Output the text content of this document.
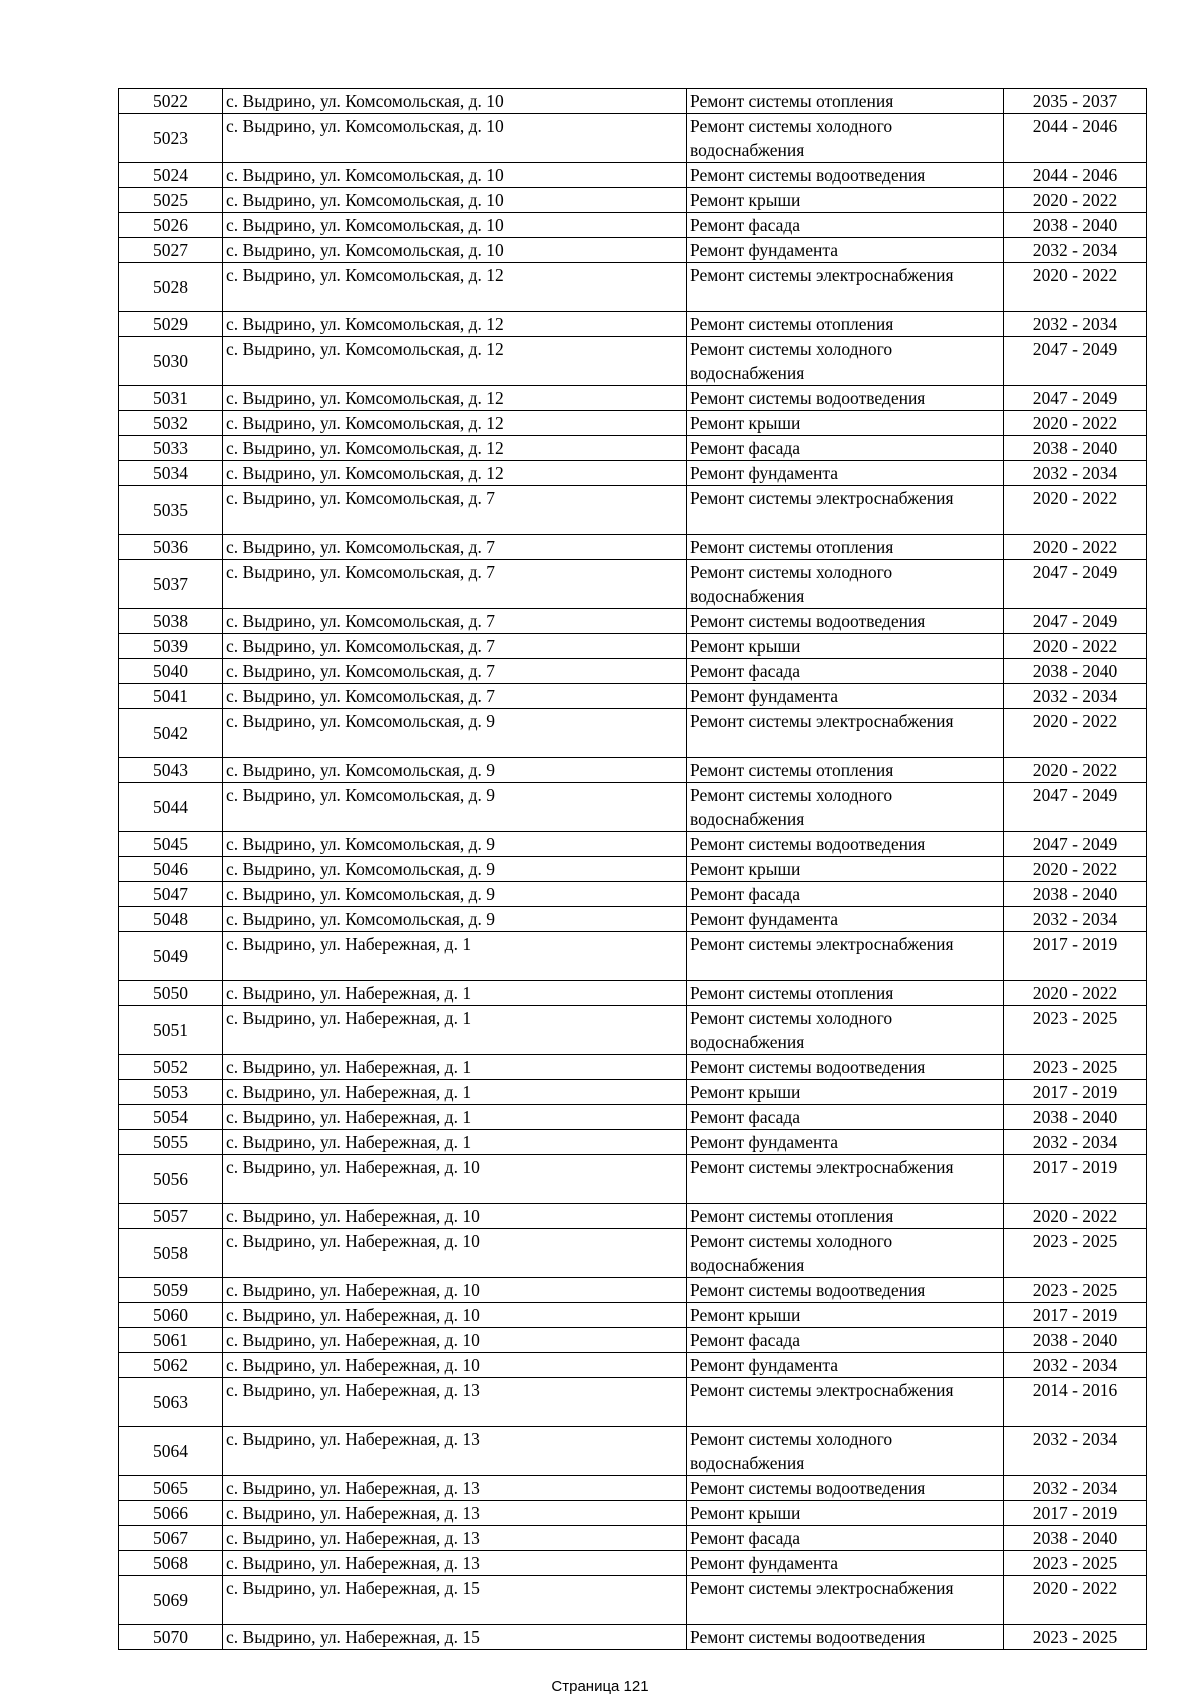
5022	с. Выдрино, ул. Комсомольская, д. 10	Ремонт системы отопления	2035 - 2037
5023	с. Выдрино, ул. Комсомольская, д. 10	Ремонт системы холодного водоснабжения	2044 - 2046
5024	с. Выдрино, ул. Комсомольская, д. 10	Ремонт системы водоотведения	2044 - 2046
5025	с. Выдрино, ул. Комсомольская, д. 10	Ремонт крыши	2020 - 2022
5026	с. Выдрино, ул. Комсомольская, д. 10	Ремонт фасада	2038 - 2040
5027	с. Выдрино, ул. Комсомольская, д. 10	Ремонт фундамента	2032 - 2034
5028	с. Выдрино, ул. Комсомольская, д. 12	Ремонт системы электроснабжения	2020 - 2022
5029	с. Выдрино, ул. Комсомольская, д. 12	Ремонт системы отопления	2032 - 2034
5030	с. Выдрино, ул. Комсомольская, д. 12	Ремонт системы холодного водоснабжения	2047 - 2049
5031	с. Выдрино, ул. Комсомольская, д. 12	Ремонт системы водоотведения	2047 - 2049
5032	с. Выдрино, ул. Комсомольская, д. 12	Ремонт крыши	2020 - 2022
5033	с. Выдрино, ул. Комсомольская, д. 12	Ремонт фасада	2038 - 2040
5034	с. Выдрино, ул. Комсомольская, д. 12	Ремонт фундамента	2032 - 2034
5035	с. Выдрино, ул. Комсомольская, д. 7	Ремонт системы электроснабжения	2020 - 2022
5036	с. Выдрино, ул. Комсомольская, д. 7	Ремонт системы отопления	2020 - 2022
5037	с. Выдрино, ул. Комсомольская, д. 7	Ремонт системы холодного водоснабжения	2047 - 2049
5038	с. Выдрино, ул. Комсомольская, д. 7	Ремонт системы водоотведения	2047 - 2049
5039	с. Выдрино, ул. Комсомольская, д. 7	Ремонт крыши	2020 - 2022
5040	с. Выдрино, ул. Комсомольская, д. 7	Ремонт фасада	2038 - 2040
5041	с. Выдрино, ул. Комсомольская, д. 7	Ремонт фундамента	2032 - 2034
5042	с. Выдрино, ул. Комсомольская, д. 9	Ремонт системы электроснабжения	2020 - 2022
5043	с. Выдрино, ул. Комсомольская, д. 9	Ремонт системы отопления	2020 - 2022
5044	с. Выдрино, ул. Комсомольская, д. 9	Ремонт системы холодного водоснабжения	2047 - 2049
5045	с. Выдрино, ул. Комсомольская, д. 9	Ремонт системы водоотведения	2047 - 2049
5046	с. Выдрино, ул. Комсомольская, д. 9	Ремонт крыши	2020 - 2022
5047	с. Выдрино, ул. Комсомольская, д. 9	Ремонт фасада	2038 - 2040
5048	с. Выдрино, ул. Комсомольская, д. 9	Ремонт фундамента	2032 - 2034
5049	с. Выдрино, ул. Набережная, д. 1	Ремонт системы электроснабжения	2017 - 2019
5050	с. Выдрино, ул. Набережная, д. 1	Ремонт системы отопления	2020 - 2022
5051	с. Выдрино, ул. Набережная, д. 1	Ремонт системы холодного водоснабжения	2023 - 2025
5052	с. Выдрино, ул. Набережная, д. 1	Ремонт системы водоотведения	2023 - 2025
5053	с. Выдрино, ул. Набережная, д. 1	Ремонт крыши	2017 - 2019
5054	с. Выдрино, ул. Набережная, д. 1	Ремонт фасада	2038 - 2040
5055	с. Выдрино, ул. Набережная, д. 1	Ремонт фундамента	2032 - 2034
5056	с. Выдрино, ул. Набережная, д. 10	Ремонт системы электроснабжения	2017 - 2019
5057	с. Выдрино, ул. Набережная, д. 10	Ремонт системы отопления	2020 - 2022
5058	с. Выдрино, ул. Набережная, д. 10	Ремонт системы холодного водоснабжения	2023 - 2025
5059	с. Выдрино, ул. Набережная, д. 10	Ремонт системы водоотведения	2023 - 2025
5060	с. Выдрино, ул. Набережная, д. 10	Ремонт крыши	2017 - 2019
5061	с. Выдрино, ул. Набережная, д. 10	Ремонт фасада	2038 - 2040
5062	с. Выдрино, ул. Набережная, д. 10	Ремонт фундамента	2032 - 2034
5063	с. Выдрино, ул. Набережная, д. 13	Ремонт системы электроснабжения	2014 - 2016
5064	с. Выдрино, ул. Набережная, д. 13	Ремонт системы холодного водоснабжения	2032 - 2034
5065	с. Выдрино, ул. Набережная, д. 13	Ремонт системы водоотведения	2032 - 2034
5066	с. Выдрино, ул. Набережная, д. 13	Ремонт крыши	2017 - 2019
5067	с. Выдрино, ул. Набережная, д. 13	Ремонт фасада	2038 - 2040
5068	с. Выдрино, ул. Набережная, д. 13	Ремонт фундамента	2023 - 2025
5069	с. Выдрино, ул. Набережная, д. 15	Ремонт системы электроснабжения	2020 - 2022
5070	с. Выдрино, ул. Набережная, д. 15	Ремонт системы водоотведения	2023 - 2025
Страница 121
